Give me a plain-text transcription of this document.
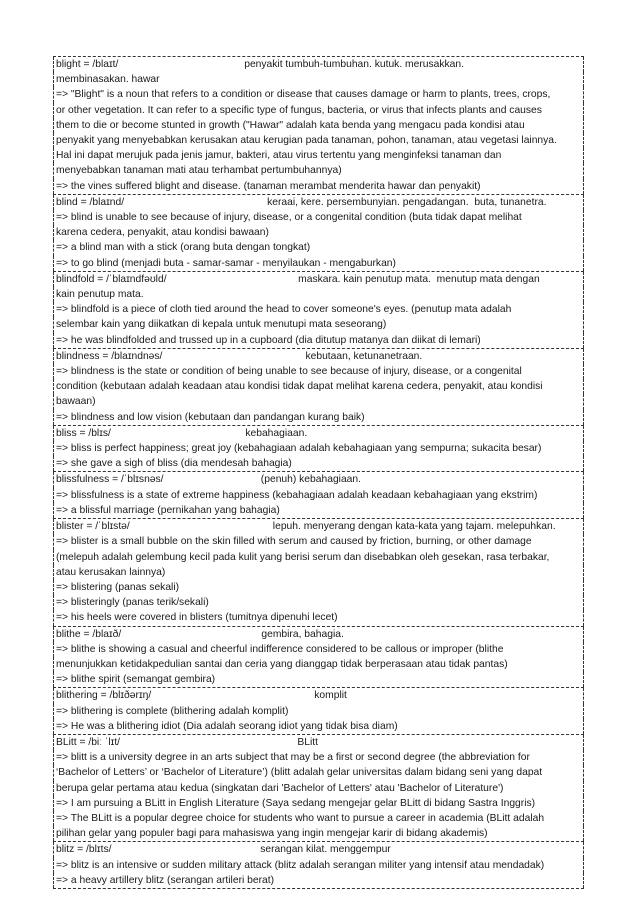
blight = /blaɪt/                                            penyakit tumbuh-tumbuhan. kutuk. merusakkan.
membinasakan. hawar
=> "Blight" is a noun that refers to a condition or disease that causes damage or harm to plants, trees, crops,
or other vegetation. It can refer to a specific type of fungus, bacteria, or virus that infects plants and causes
them to die or become stunted in growth ("Hawar" adalah kata benda yang mengacu pada kondisi atau
penyakit yang menyebabkan kerusakan atau kerugian pada tanaman, pohon, tanaman, atau vegetasi lainnya.
Hal ini dapat merujuk pada jenis jamur, bakteri, atau virus tertentu yang menginfeksi tanaman dan
menyebabkan tanaman mati atau terhambat pertumbuhannya)
=> the vines suffered blight and disease. (tanaman merambat menderita hawar dan penyakit)
blind = /blaɪnd/                                                  keraai, kere. persembunyian. pengadangan.  buta, tunanetra.
=> blind is unable to see because of injury, disease, or a congenital condition (buta tidak dapat melihat
karena cedera, penyakit, atau kondisi bawaan)
=> a blind man with a stick (orang buta dengan tongkat)
=> to go blind (menjadi buta - samar-samar - menyilaukan - mengaburkan)
blindfold = /ˈblaɪndfəʊld/                                              maskara. kain penutup mata.  menutup mata dengan
kain penutup mata.
=> blindfold is a piece of cloth tied around the head to cover someone's eyes. (penutup mata adalah
selembar kain yang diikatkan di kepala untuk menutupi mata seseorang)
=> he was blindfolded and trussed up in a cupboard (dia ditutup matanya dan diikat di lemari)
blindness = /blaɪndnəs/                                                  kebutaan, ketunanetraan.
=> blindness is the state or condition of being unable to see because of injury, disease, or a congenital
condition (kebutaan adalah keadaan atau kondisi tidak dapat melihat karena cedera, penyakit, atau kondisi
bawaan)
=> blindness and low vision (kebutaan dan pandangan kurang baik)
bliss = /blɪs/                                               kebahagiaan.
=> bliss is perfect happiness; great joy (kebahagiaan adalah kebahagiaan yang sempurna; sukacita besar)
=> she gave a sigh of bliss (dia mendesah bahagia)
blissfulness = /ˈblɪsnəs/                                  (penuh) kebahagiaan.
=> blissfulness is a state of extreme happiness (kebahagiaan adalah keadaan kebahagiaan yang ekstrim)
=> a blissful marriage (pernikahan yang bahagia)
blister = /ˈblɪstə/                                                  lepuh. menyerang dengan kata-kata yang tajam. melepuhkan.
=> blister is a small bubble on the skin filled with serum and caused by friction, burning, or other damage
(melepuh adalah gelembung kecil pada kulit yang berisi serum dan disebabkan oleh gesekan, rasa terbakar,
atau kerusakan lainnya)
=> blistering (panas sekali)
=> blisteringly (panas terik/sekali)
=> his heels were covered in blisters (tumitnya dipenuhi lecet)
blithe = /blaɪð/                                                 gembira, bahagia.
=> blithe is showing a casual and cheerful indifference considered to be callous or improper (blithe
menunjukkan ketidakpedulian santai dan ceria yang dianggap tidak berperasaan atau tidak pantas)
=> blithe spirit (semangat gembira)
blithering = /blɪðərɪŋ/                                                         komplit
=> blithering is complete (blithering adalah komplit)
=> He was a blithering idiot (Dia adalah seorang idiot yang tidak bisa diam)
BLitt = /biː ˈlɪt/                                                              BLitt
=> blitt is a university degree in an arts subject that may be a first or second degree (the abbreviation for
‘Bachelor of Letters’ or ‘Bachelor of Literature’) (blitt adalah gelar universitas dalam bidang seni yang dapat
berupa gelar pertama atau kedua (singkatan dari 'Bachelor of Letters' atau 'Bachelor of Literature')
=> I am pursuing a BLitt in English Literature (Saya sedang mengejar gelar BLitt di bidang Sastra Inggris)
=> The BLitt is a popular degree choice for students who want to pursue a career in academia (BLitt adalah
pilihan gelar yang populer bagi para mahasiswa yang ingin mengejar karir di bidang akademis)
blitz = /blɪts/                                                    serangan kilat. menggempur
=> blitz is an intensive or sudden military attack (blitz adalah serangan militer yang intensif atau mendadak)
=> a heavy artillery blitz (serangan artileri berat)
